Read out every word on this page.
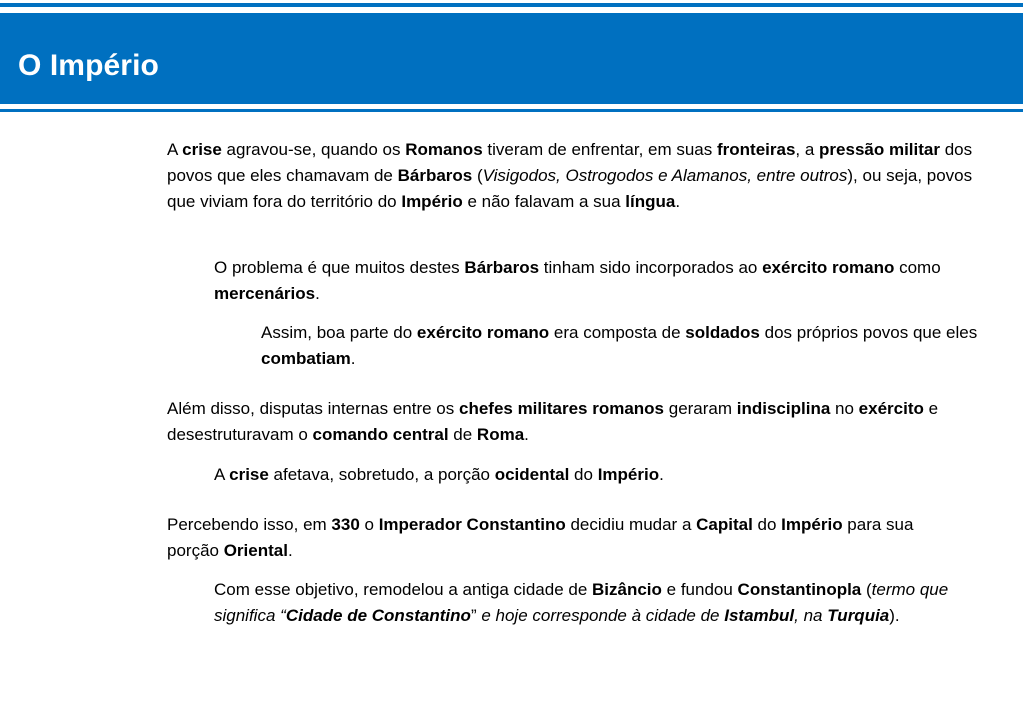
O Império

A crise agravou-se, quando os Romanos tiveram de enfrentar, em suas fronteiras, a pressão militar dos povos que eles chamavam de Bárbaros (Visigodos, Ostrogodos e Alamanos, entre outros), ou seja, povos que viviam fora do território do Império e não falavam a sua língua.

O problema é que muitos destes Bárbaros tinham sido incorporados ao exército romano como mercenários.

Assim, boa parte do exército romano era composta de soldados dos próprios povos que eles combatiam.

Além disso, disputas internas entre os chefes militares romanos geraram indisciplina no exército e desestruturavam o comando central de Roma.

A crise afetava, sobretudo, a porção ocidental do Império.

Percebendo isso, em 330 o Imperador Constantino decidiu mudar a Capital do Império para sua porção Oriental.

Com esse objetivo, remodelou a antiga cidade de Bizâncio e fundou Constantinopla (termo que significa “Cidade de Constantino” e hoje corresponde à cidade de Istambul, na Turquia).
